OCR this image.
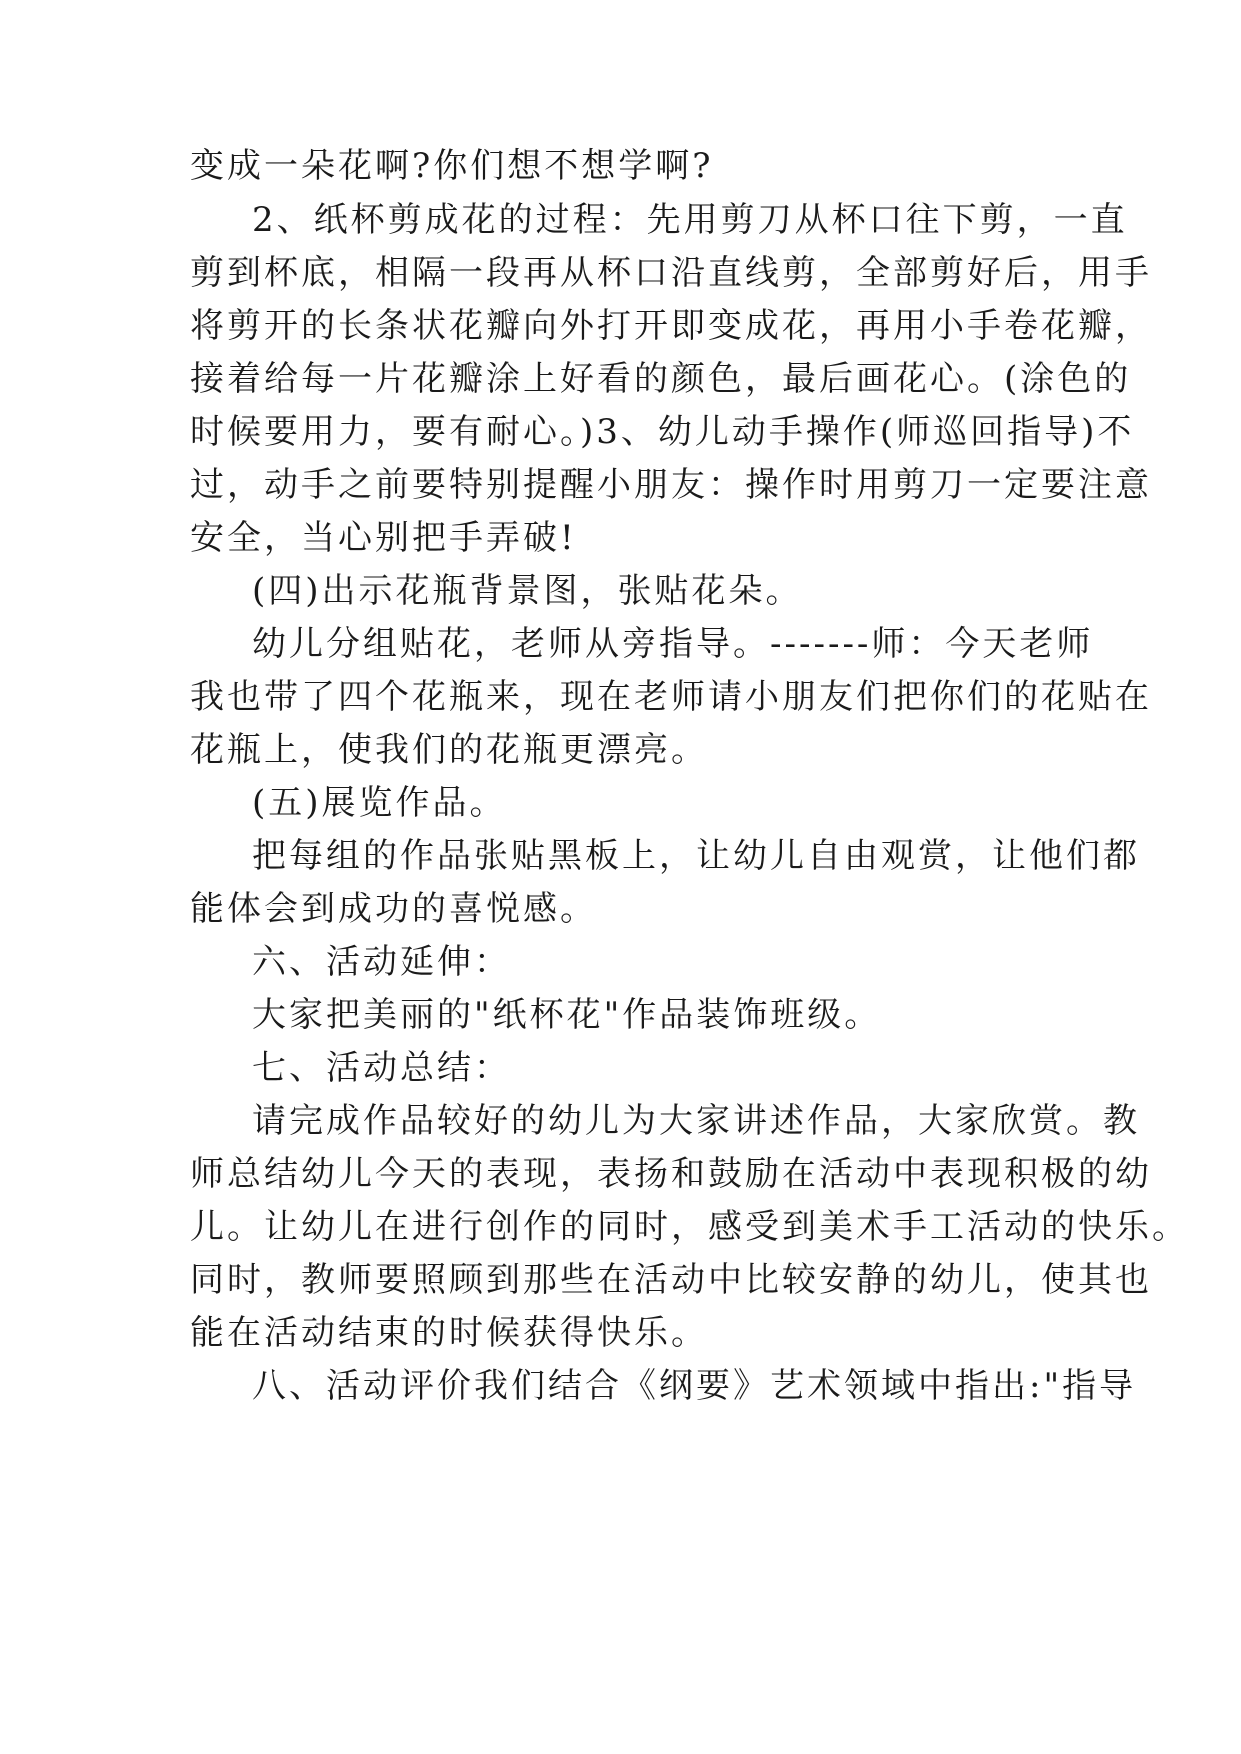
变成一朵花啊?你们想不想学啊?
2、纸杯剪成花的过程：先用剪刀从杯口往下剪，一直
剪到杯底，相隔一段再从杯口沿直线剪，全部剪好后，用手
将剪开的长条状花瓣向外打开即变成花，再用小手卷花瓣，
接着给每一片花瓣涂上好看的颜色，最后画花心。(涂色的
时候要用力，要有耐心。)3、幼儿动手操作(师巡回指导)不
过，动手之前要特别提醒小朋友：操作时用剪刀一定要注意
安全，当心别把手弄破!
(四)出示花瓶背景图，张贴花朵。
幼儿分组贴花，老师从旁指导。-------师：今天老师
我也带了四个花瓶来，现在老师请小朋友们把你们的花贴在
花瓶上，使我们的花瓶更漂亮。
(五)展览作品。
把每组的作品张贴黑板上，让幼儿自由观赏，让他们都
能体会到成功的喜悦感。
六、活动延伸：
大家把美丽的"纸杯花"作品装饰班级。
七、活动总结：
请完成作品较好的幼儿为大家讲述作品，大家欣赏。教
师总结幼儿今天的表现，表扬和鼓励在活动中表现积极的幼
儿。让幼儿在进行创作的同时，感受到美术手工活动的快乐。
同时，教师要照顾到那些在活动中比较安静的幼儿，使其也
能在活动结束的时候获得快乐。
八、活动评价我们结合《纲要》艺术领域中指出:"指导
